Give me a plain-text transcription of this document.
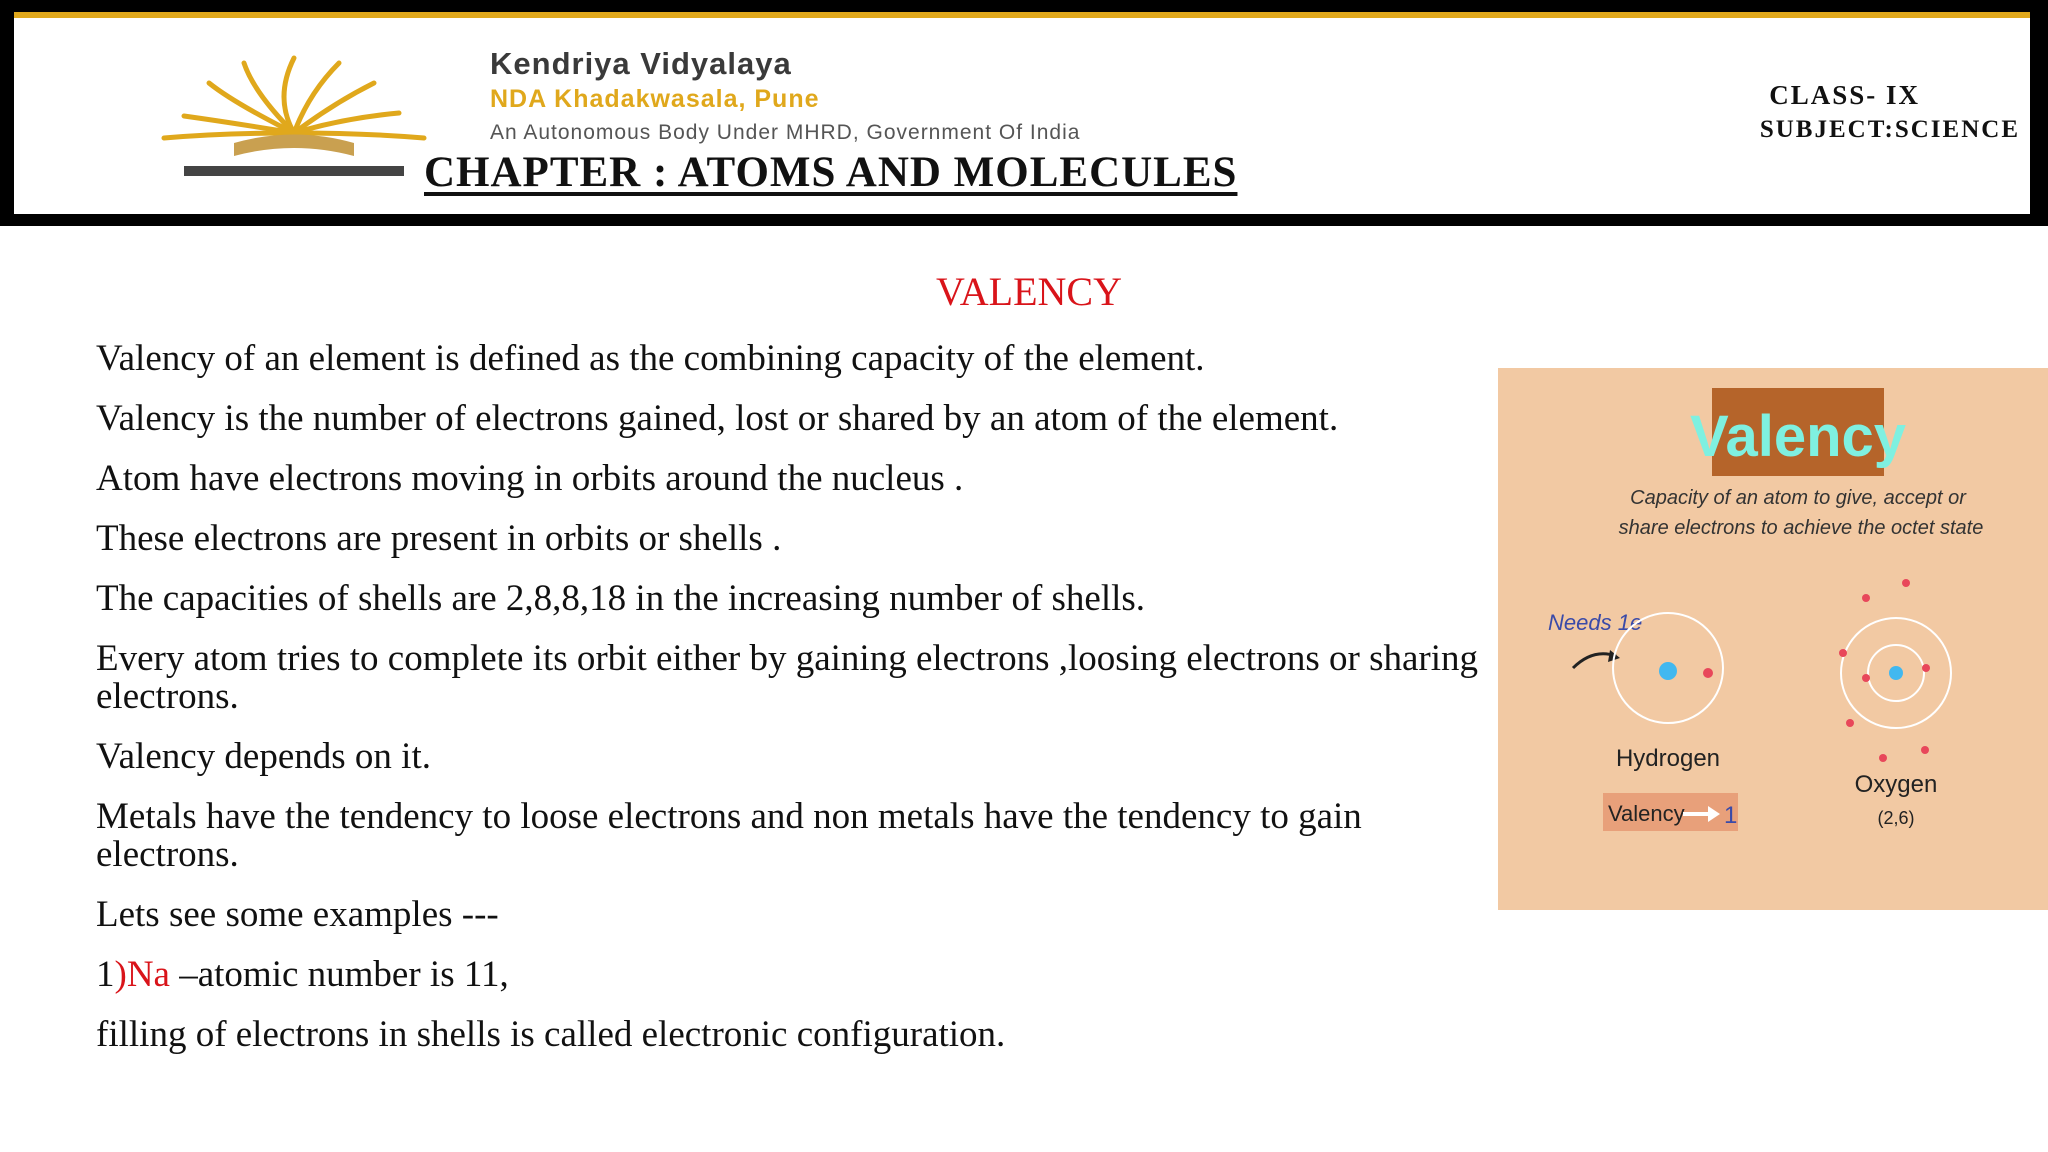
Kendriya Vidyalaya
NDA Khadakwasala, Pune
An Autonomous Body Under MHRD, Government Of India
CHAPTER : ATOMS AND MOLECULES
CLASS- IX
SUBJECT:SCIENCE
VALENCY

Valency of an element is defined as the combining capacity of the element.

Valency is the number of electrons gained, lost or shared by an atom of the element.

Atom have electrons moving in orbits around the nucleus .

These electrons are present in orbits or shells .

The capacities of shells are 2,8,8,18 in the increasing number of shells.

Every atom tries to complete its orbit either by gaining electrons ,loosing electrons or sharing electrons.

Valency depends on it.

Metals have the tendency to loose electrons and non metals have the tendency to gain electrons.

Lets see some examples ---

1)Na –atomic number is 11,

filling of electrons in shells is called electronic configuration.

Valency
Capacity of an atom to give, accept or
share electrons to achieve the octet state
Needs 1e
Hydrogen
Valency 1
Oxygen
(2,6)
